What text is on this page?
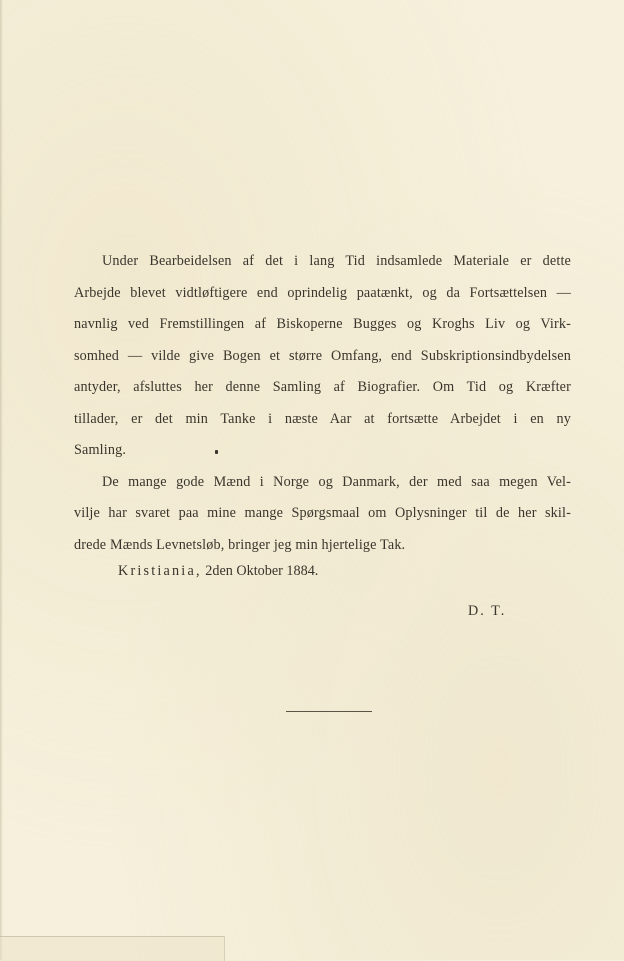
Under Bearbeidelsen af det i lang Tid indsamlede Materiale er dette
Arbejde blevet vidtløftigere end oprindelig paatænkt, og da Fortsættelsen —
navnlig ved Fremstillingen af Biskoperne Bugges og Kroghs Liv og Virk-
somhed — vilde give Bogen et større Omfang, end Subskriptionsindbydelsen
antyder, afsluttes her denne Samling af Biografier. Om Tid og Kræfter
tillader, er det min Tanke i næste Aar at fortsætte Arbejdet i en ny
Samling.
De mange gode Mænd i Norge og Danmark, der med saa megen Vel-
vilje har svaret paa mine mange Spørgsmaal om Oplysninger til de her skil-
drede Mænds Levnetsløb, bringer jeg min hjertelige Tak.
Kristiania, 2den Oktober 1884.
D. T.
